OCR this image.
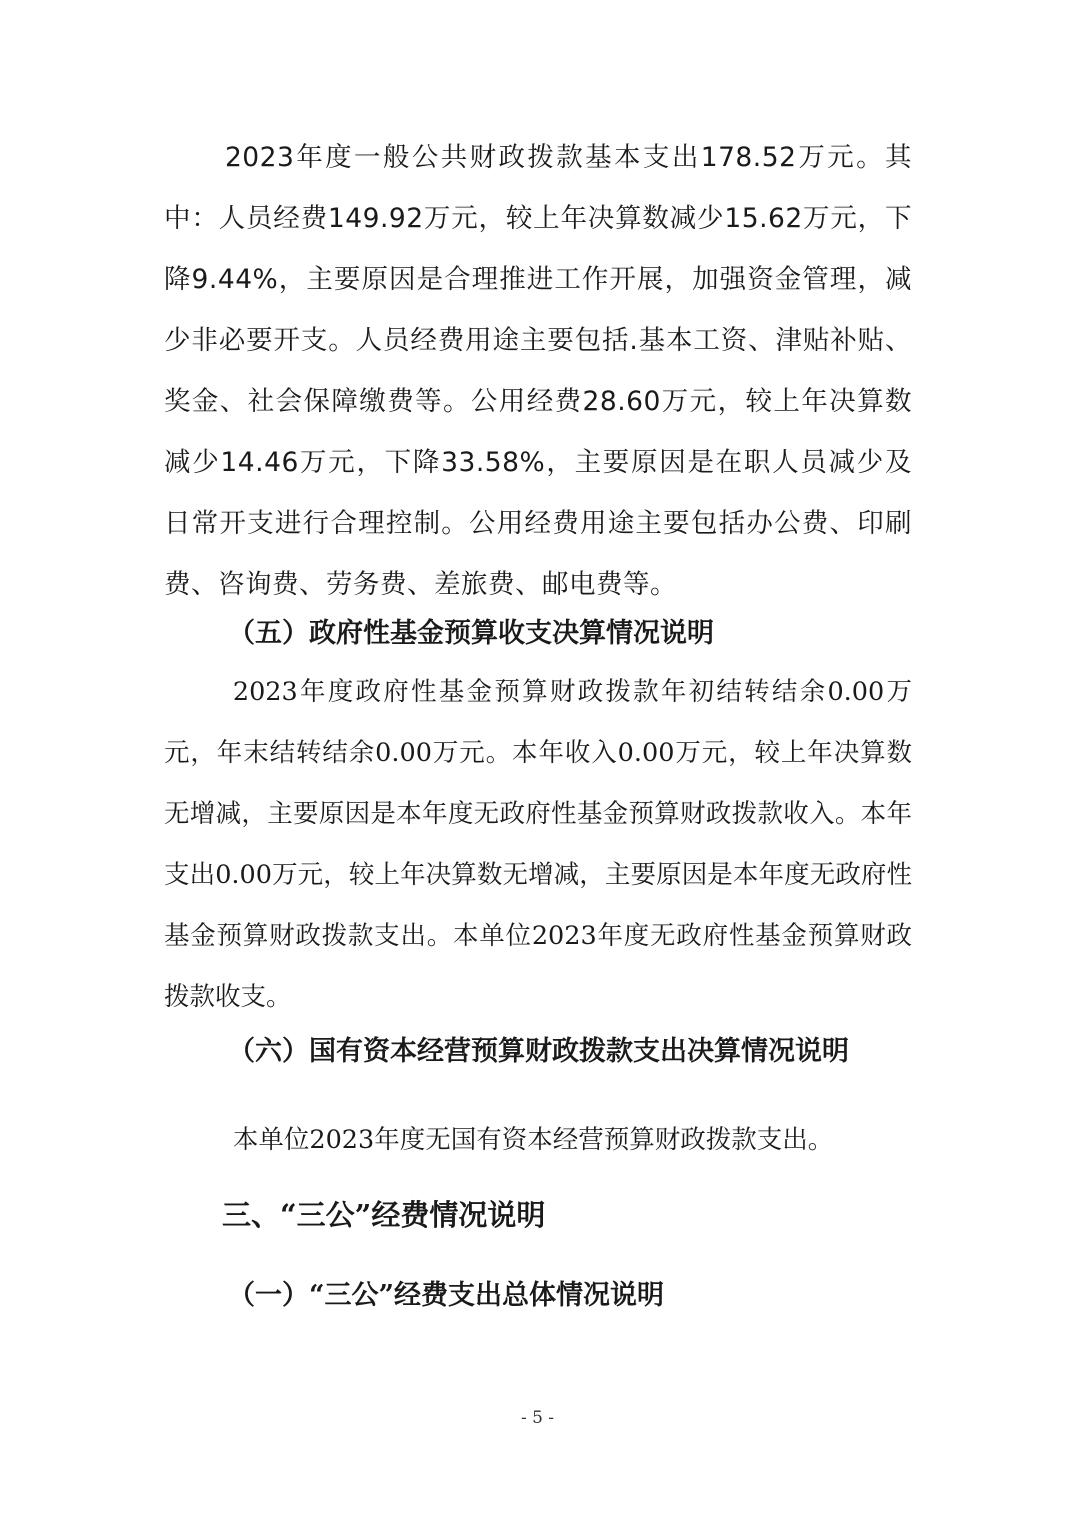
2023年度一般公共财政拨款基本支出178.52万元。其中：人员经费149.92万元，较上年决算数减少15.62万元，下降9.44%，主要原因是合理推进工作开展，加强资金管理，减少非必要开支。人员经费用途主要包括.基本工资、津贴补贴、奖金、社会保障缴费等。公用经费28.60万元，较上年决算数减少14.46万元，下降33.58%，主要原因是在职人员减少及日常开支进行合理控制。公用经费用途主要包括办公费、印刷费、咨询费、劳务费、差旅费、邮电费等。

（五）政府性基金预算收支决算情况说明

2023年度政府性基金预算财政拨款年初结转结余0.00万元，年末结转结余0.00万元。本年收入0.00万元，较上年决算数无增减，主要原因是本年度无政府性基金预算财政拨款收入。本年支出0.00万元，较上年决算数无增减，主要原因是本年度无政府性基金预算财政拨款支出。本单位2023年度无政府性基金预算财政拨款收支。

（六）国有资本经营预算财政拨款支出决算情况说明

本单位2023年度无国有资本经营预算财政拨款支出。

三、“三公”经费情况说明
（一）“三公”经费支出总体情况说明

- 5 -
